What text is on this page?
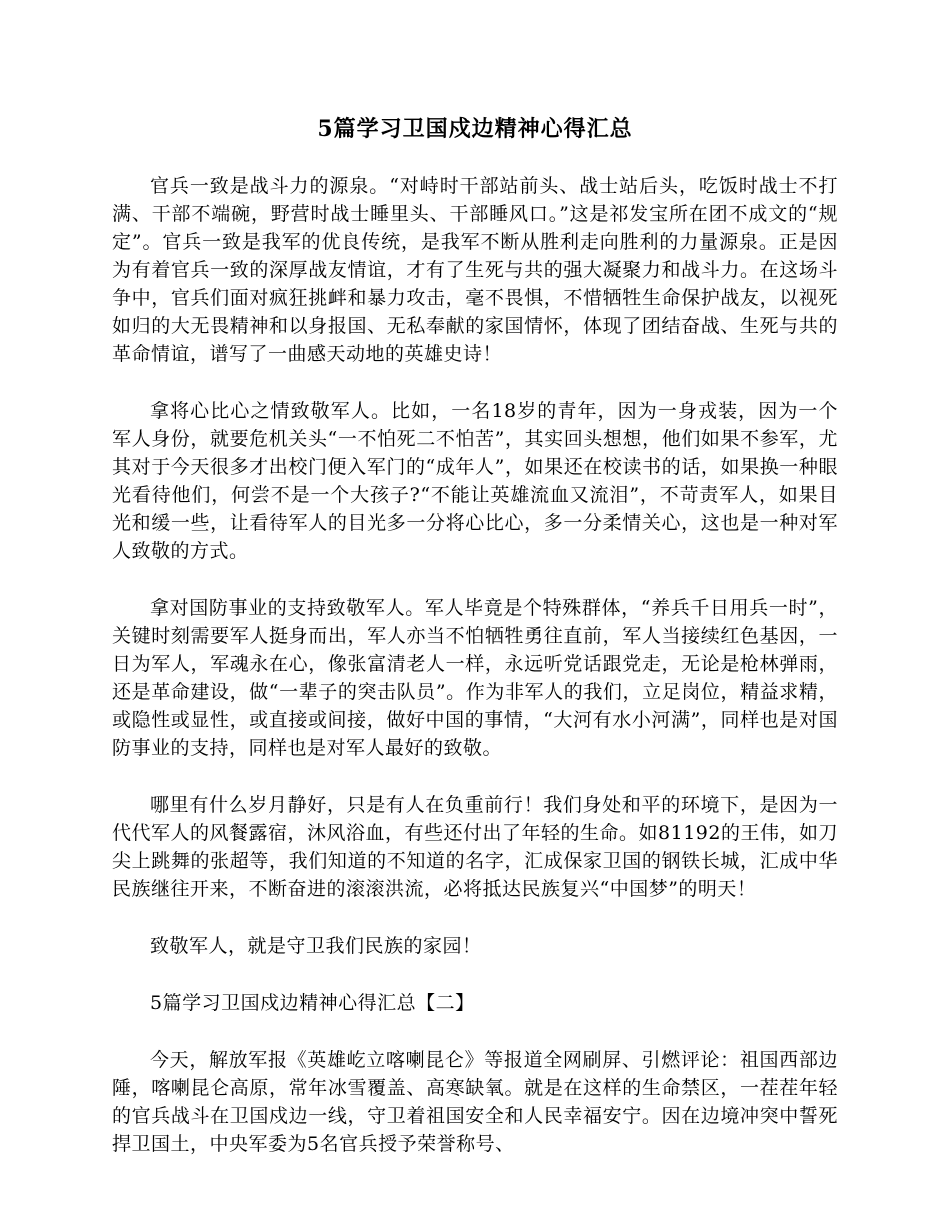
5篇学习卫国戍边精神心得汇总

官兵一致是战斗力的源泉。“对峙时干部站前头、战士站后头，吃饭时战士不打满、干部不端碗，野营时战士睡里头、干部睡风口。”这是祁发宝所在团不成文的“规定”。官兵一致是我军的优良传统，是我军不断从胜利走向胜利的力量源泉。正是因为有着官兵一致的深厚战友情谊，才有了生死与共的强大凝聚力和战斗力。在这场斗争中，官兵们面对疯狂挑衅和暴力攻击，毫不畏惧，不惜牺牲生命保护战友，以视死如归的大无畏精神和以身报国、无私奉献的家国情怀，体现了团结奋战、生死与共的革命情谊，谱写了一曲感天动地的英雄史诗！

拿将心比心之情致敬军人。比如，一名18岁的青年，因为一身戎装，因为一个军人身份，就要危机关头“一不怕死二不怕苦”，其实回头想想，他们如果不参军，尤其对于今天很多才出校门便入军门的“成年人”，如果还在校读书的话，如果换一种眼光看待他们，何尝不是一个大孩子?“不能让英雄流血又流泪”，不苛责军人，如果目光和缓一些，让看待军人的目光多一分将心比心，多一分柔情关心，这也是一种对军人致敬的方式。

拿对国防事业的支持致敬军人。军人毕竟是个特殊群体，“养兵千日用兵一时”，关键时刻需要军人挺身而出，军人亦当不怕牺牲勇往直前，军人当接续红色基因，一日为军人，军魂永在心，像张富清老人一样，永远听党话跟党走，无论是枪林弹雨，还是革命建设，做“一辈子的突击队员”。作为非军人的我们，立足岗位，精益求精，或隐性或显性，或直接或间接，做好中国的事情，“大河有水小河满”，同样也是对国防事业的支持，同样也是对军人最好的致敬。

哪里有什么岁月静好，只是有人在负重前行！我们身处和平的环境下，是因为一代代军人的风餐露宿，沐风浴血，有些还付出了年轻的生命。如81192的王伟，如刀尖上跳舞的张超等，我们知道的不知道的名字，汇成保家卫国的钢铁长城，汇成中华民族继往开来，不断奋进的滚滚洪流，必将抵达民族复兴“中国梦”的明天！

致敬军人，就是守卫我们民族的家园！

5篇学习卫国戍边精神心得汇总【二】

今天，解放军报《英雄屹立喀喇昆仑》等报道全网刷屏、引燃评论：祖国西部边陲，喀喇昆仑高原，常年冰雪覆盖、高寒缺氧。就是在这样的生命禁区，一茬茬年轻的官兵战斗在卫国戍边一线，守卫着祖国安全和人民幸福安宁。因在边境冲突中誓死捍卫国土，中央军委为5名官兵授予荣誉称号、
